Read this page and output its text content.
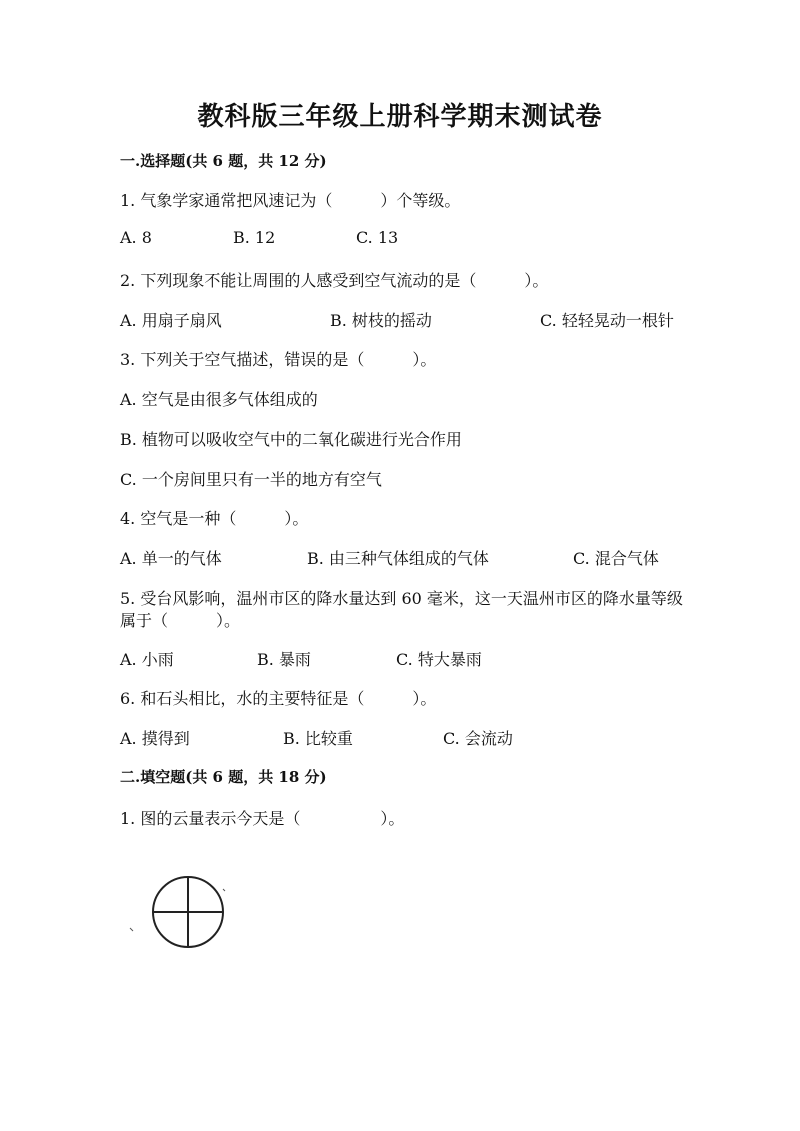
教科版三年级上册科学期末测试卷
一.选择题(共 6 题，共 12 分)
1. 气象学家通常把风速记为（　　　）个等级。
A. 8	B. 12	C. 13
2. 下列现象不能让周围的人感受到空气流动的是（　　　）。
A. 用扇子扇风	B. 树枝的摇动	C. 轻轻晃动一根针
3. 下列关于空气描述，错误的是（　　　）。
A. 空气是由很多气体组成的
B. 植物可以吸收空气中的二氧化碳进行光合作用
C. 一个房间里只有一半的地方有空气
4. 空气是一种（　　　）。
A. 单一的气体	B. 由三种气体组成的气体	C. 混合气体
5. 受台风影响，温州市区的降水量达到 60 毫米，这一天温州市区的降水量等级
属于（　　　）。
A. 小雨	B. 暴雨	C. 特大暴雨
6. 和石头相比，水的主要特征是（　　　）。
A. 摸得到	B. 比较重	C. 会流动
二.填空题(共 6 题，共 18 分)
1. 图的云量表示今天是（　　　　　）。
